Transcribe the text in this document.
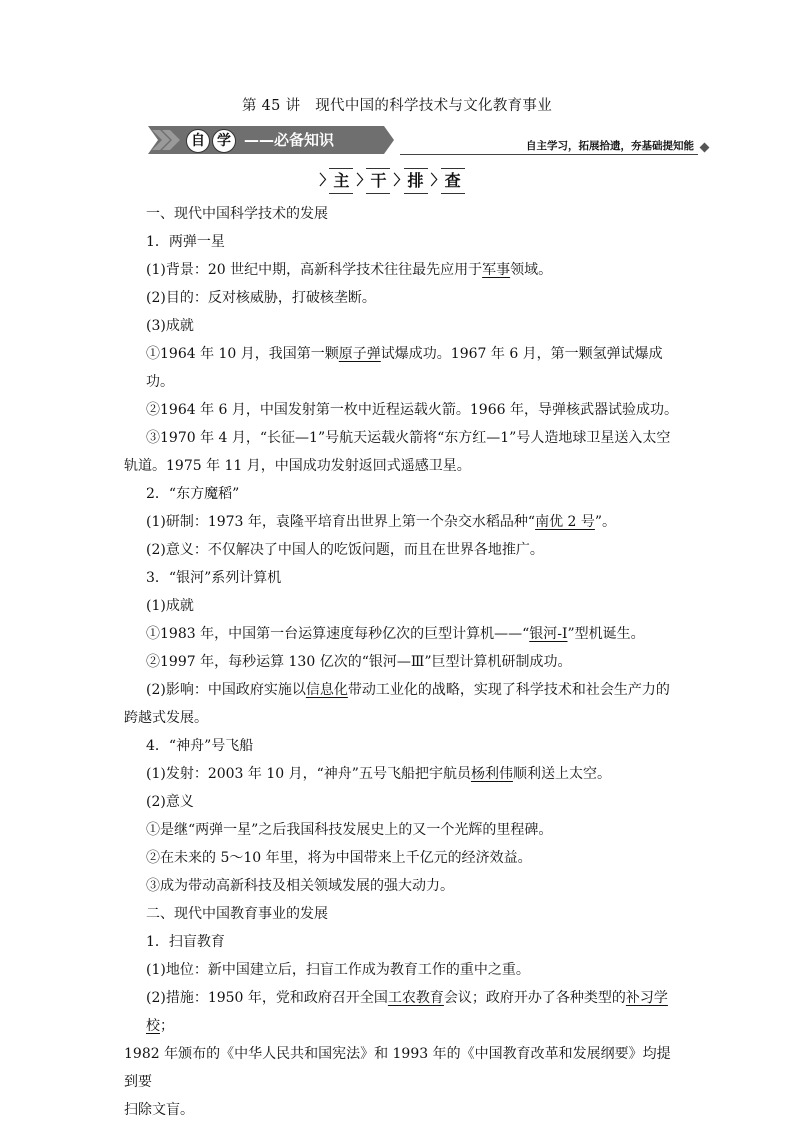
第 45 讲　现代中国的科学技术与文化教育事业
自 学 ——必备知识	自主学习，拓展拾遗，夯基础提知能
〉 主 〉 干 〉 排 〉 查

一、现代中国科学技术的发展

1．两弹一星

(1)背景：20 世纪中期，高新科学技术往往最先应用于军事领域。

(2)目的：反对核威胁，打破核垄断。

(3)成就

①1964 年 10 月，我国第一颗原子弹试爆成功。1967 年 6 月，第一颗氢弹试爆成功。

②1964 年 6 月，中国发射第一枚中近程运载火箭。1966 年，导弹核武器试验成功。

③1970 年 4 月，“长征—1”号航天运载火箭将“东方红—1”号人造地球卫星送入太空

轨道。1975 年 11 月，中国成功发射返回式遥感卫星。

2．“东方魔稻”

(1)研制：1973 年，袁隆平培育出世界上第一个杂交水稻品种“南优 2 号”。

(2)意义：不仅解决了中国人的吃饭问题，而且在世界各地推广。

3．“银河”系列计算机

(1)成就

①1983 年，中国第一台运算速度每秒亿次的巨型计算机——“银河-Ⅰ”型机诞生。

②1997 年，每秒运算 130 亿次的“银河—Ⅲ”巨型计算机研制成功。

(2)影响：中国政府实施以信息化带动工业化的战略，实现了科学技术和社会生产力的

跨越式发展。

4．“神舟”号飞船

(1)发射：2003 年 10 月，“神舟”五号飞船把宇航员杨利伟顺利送上太空。

(2)意义

①是继“两弹一星”之后我国科技发展史上的又一个光辉的里程碑。

②在未来的 5～10 年里，将为中国带来上千亿元的经济效益。

③成为带动高新科技及相关领域发展的强大动力。

二、现代中国教育事业的发展

1．扫盲教育

(1)地位：新中国建立后，扫盲工作成为教育工作的重中之重。

(2)措施：1950 年，党和政府召开全国工农教育会议；政府开办了各种类型的补习学校；

1982 年颁布的《中华人民共和国宪法》和 1993 年的《中国教育改革和发展纲要》均提到要

扫除文盲。
